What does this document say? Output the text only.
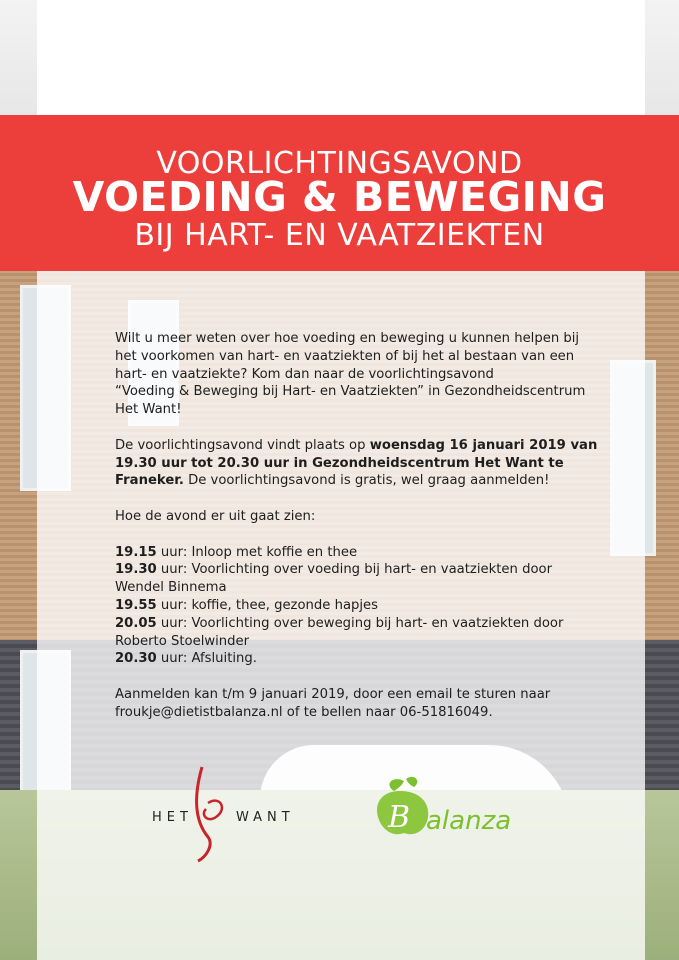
VOORLICHTINGSAVOND
VOEDING & BEWEGING
BIJ HART- EN VAATZIEKTEN

Wilt u meer weten over hoe voeding en beweging u kunnen helpen bij

het voorkomen van hart- en vaatziekten of bij het al bestaan van een

hart- en vaatziekte? Kom dan naar de voorlichtingsavond

“Voeding & Beweging bij Hart- en Vaatziekten” in Gezondheidscentrum

Het Want!

De voorlichtingsavond vindt plaats op woensdag 16 januari 2019 van

19.30 uur tot 20.30 uur in Gezondheidscentrum Het Want te

Franeker. De voorlichtingsavond is gratis, wel graag aanmelden!

Hoe de avond er uit gaat zien:

19.15 uur: Inloop met koffie en thee

19.30 uur: Voorlichting over voeding bij hart- en vaatziekten door

Wendel Binnema

19.55 uur: koffie, thee, gezonde hapjes

20.05 uur: Voorlichting over beweging bij hart- en vaatziekten door

Roberto Stoelwinder

20.30 uur: Afsluiting.

Aanmelden kan t/m 9 januari 2019, door een email te sturen naar

froukje@dietistbalanza.nl of te bellen naar 06-51816049.

HET	WANT	B alanza
